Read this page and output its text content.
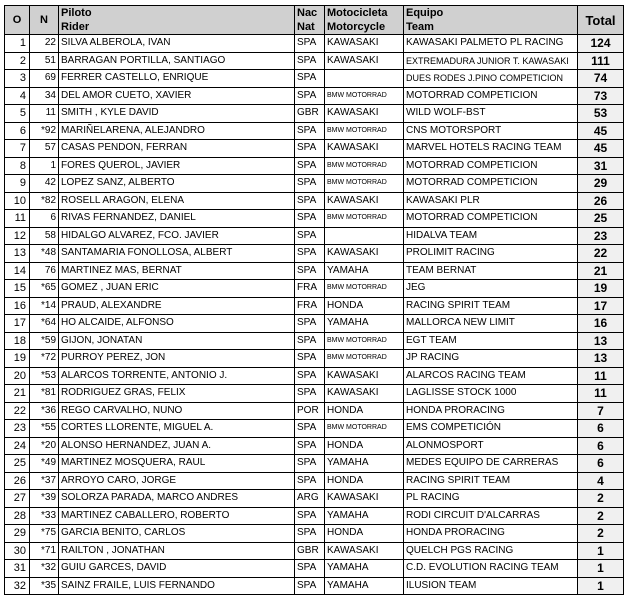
O	N	Piloto	Nac	Motocicleta	Equipo	Total
		Rider	Nat	Motorcycle	Team	
1	22	SILVA ALBEROLA, IVAN	SPA	KAWASAKI	KAWASAKI PALMETO PL RACING	124
2	51	BARRAGAN PORTILLA, SANTIAGO	SPA	KAWASAKI	EXTREMADURA JUNIOR T. KAWASAKI	111
3	69	FERRER CASTELLO, ENRIQUE	SPA		DUES RODES J.PINO COMPETICION	74
4	34	DEL AMOR CUETO, XAVIER	SPA	BMW MOTORRAD	MOTORRAD COMPETICION	73
5	11	SMITH , KYLE DAVID	GBR	KAWASAKI	WILD WOLF-BST	53
6	*92	MARIÑELARENA, ALEJANDRO	SPA	BMW MOTORRAD	CNS MOTORSPORT	45
7	57	CASAS PENDON, FERRAN	SPA	KAWASAKI	MARVEL HOTELS RACING TEAM	45
8	1	FORES QUEROL, JAVIER	SPA	BMW MOTORRAD	MOTORRAD COMPETICION	31
9	42	LOPEZ SANZ, ALBERTO	SPA	BMW MOTORRAD	MOTORRAD COMPETICION	29
10	*82	ROSELL ARAGON, ELENA	SPA	KAWASAKI	KAWASAKI PLR	26
11	6	RIVAS FERNANDEZ, DANIEL	SPA	BMW MOTORRAD	MOTORRAD COMPETICION	25
12	58	HIDALGO ALVAREZ, FCO. JAVIER	SPA		HIDALVA TEAM	23
13	*48	SANTAMARIA FONOLLOSA, ALBERT	SPA	KAWASAKI	PROLIMIT RACING	22
14	76	MARTINEZ MAS, BERNAT	SPA	YAMAHA	TEAM BERNAT	21
15	*65	GOMEZ , JUAN ERIC	FRA	BMW MOTORRAD	JEG	19
16	*14	PRAUD, ALEXANDRE	FRA	HONDA	RACING SPIRIT TEAM	17
17	*64	HO ALCAIDE, ALFONSO	SPA	YAMAHA	MALLORCA NEW LIMIT	16
18	*59	GIJON, JONATAN	SPA	BMW MOTORRAD	EGT TEAM	13
19	*72	PURROY PEREZ, JON	SPA	BMW MOTORRAD	JP RACING	13
20	*53	ALARCOS TORRENTE, ANTONIO J.	SPA	KAWASAKI	ALARCOS RACING TEAM	11
21	*81	RODRIGUEZ GRAS, FELIX	SPA	KAWASAKI	LAGLISSE STOCK 1000	11
22	*36	REGO CARVALHO, NUNO	POR	HONDA	HONDA PRORACING	7
23	*55	CORTES LLORENTE, MIGUEL A.	SPA	BMW MOTORRAD	EMS COMPETICIÓN	6
24	*20	ALONSO HERNANDEZ, JUAN A.	SPA	HONDA	ALONMOSPORT	6
25	*49	MARTINEZ MOSQUERA, RAUL	SPA	YAMAHA	MEDES EQUIPO DE CARRERAS	6
26	*37	ARROYO CARO, JORGE	SPA	HONDA	RACING SPIRIT TEAM	4
27	*39	SOLORZA PARADA, MARCO ANDRES	ARG	KAWASAKI	PL RACING	2
28	*33	MARTINEZ CABALLERO, ROBERTO	SPA	YAMAHA	RODI CIRCUIT D'ALCARRAS	2
29	*75	GARCIA BENITO, CARLOS	SPA	HONDA	HONDA PRORACING	2
30	*71	RAILTON , JONATHAN	GBR	KAWASAKI	QUELCH PGS RACING	1
31	*32	GUIU GARCES, DAVID	SPA	YAMAHA	C.D. EVOLUTION RACING TEAM	1
32	*35	SAINZ FRAILE, LUIS FERNANDO	SPA	YAMAHA	ILUSION TEAM	1
